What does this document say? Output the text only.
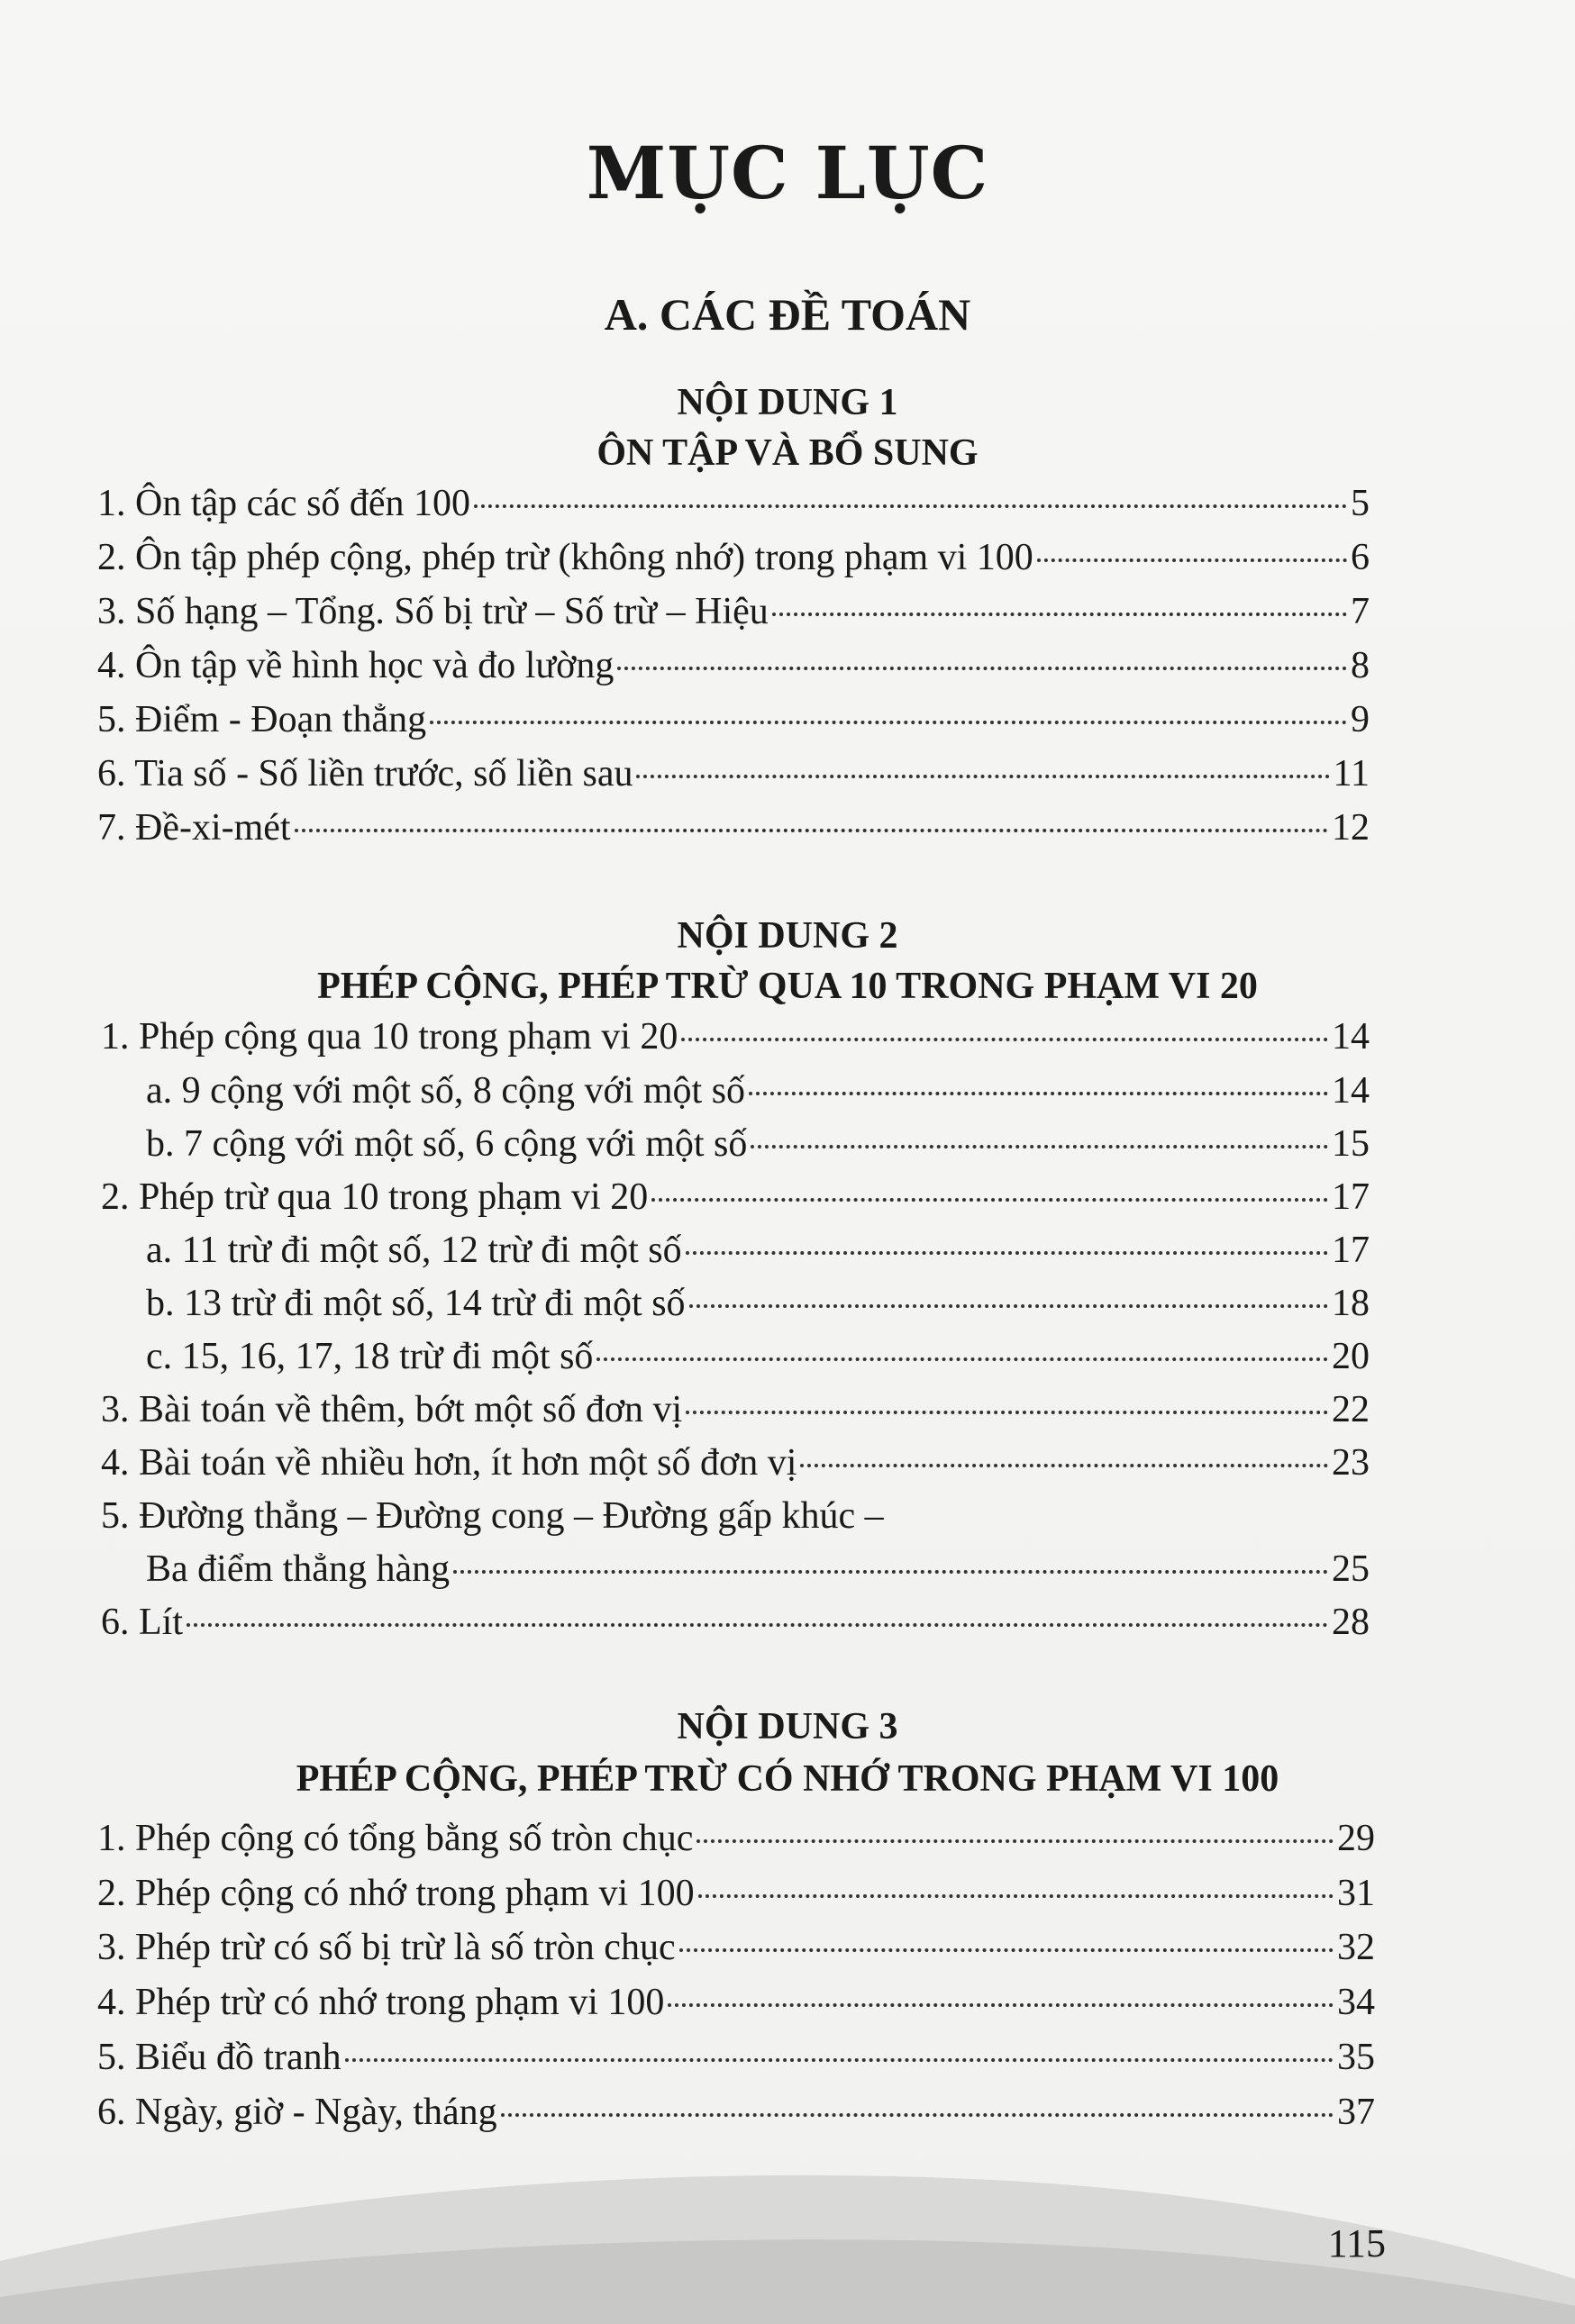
MỤC LỤC
A. CÁC ĐỀ TOÁN
NỘI DUNG 1
ÔN TẬP VÀ BỔ SUNG
1. Ôn tập các số đến 100	5
2. Ôn tập phép cộng, phép trừ (không nhớ) trong phạm vi 100	6
3. Số hạng – Tổng. Số bị trừ – Số trừ – Hiệu	7
4. Ôn tập về hình học và đo lường	8
5. Điểm - Đoạn thẳng	9
6. Tia số - Số liền trước, số liền sau	11
7. Đề-xi-mét	12
NỘI DUNG 2
PHÉP CỘNG, PHÉP TRỪ QUA 10 TRONG PHẠM VI 20
1. Phép cộng qua 10 trong phạm vi 20	14
a. 9 cộng với một số, 8 cộng với một số	14
b. 7 cộng với một số, 6 cộng với một số	15
2. Phép trừ qua 10 trong phạm vi 20	17
a. 11 trừ đi một số, 12 trừ đi một số	17
b. 13 trừ đi một số, 14 trừ đi một số	18
c. 15, 16, 17, 18 trừ đi một số	20
3. Bài toán về thêm, bớt một số đơn vị	22
4. Bài toán về nhiều hơn, ít hơn một số đơn vị	23
5. Đường thẳng – Đường cong – Đường gấp khúc –
Ba điểm thẳng hàng	25
6. Lít	28
NỘI DUNG 3
PHÉP CỘNG, PHÉP TRỪ CÓ NHỚ TRONG PHẠM VI 100
1. Phép cộng có tổng bằng số tròn chục	29
2. Phép cộng có nhớ trong phạm vi 100	31
3. Phép trừ có số bị trừ là số tròn chục	32
4. Phép trừ có nhớ trong phạm vi 100	34
5. Biểu đồ tranh	35
6. Ngày, giờ - Ngày, tháng	37
115
